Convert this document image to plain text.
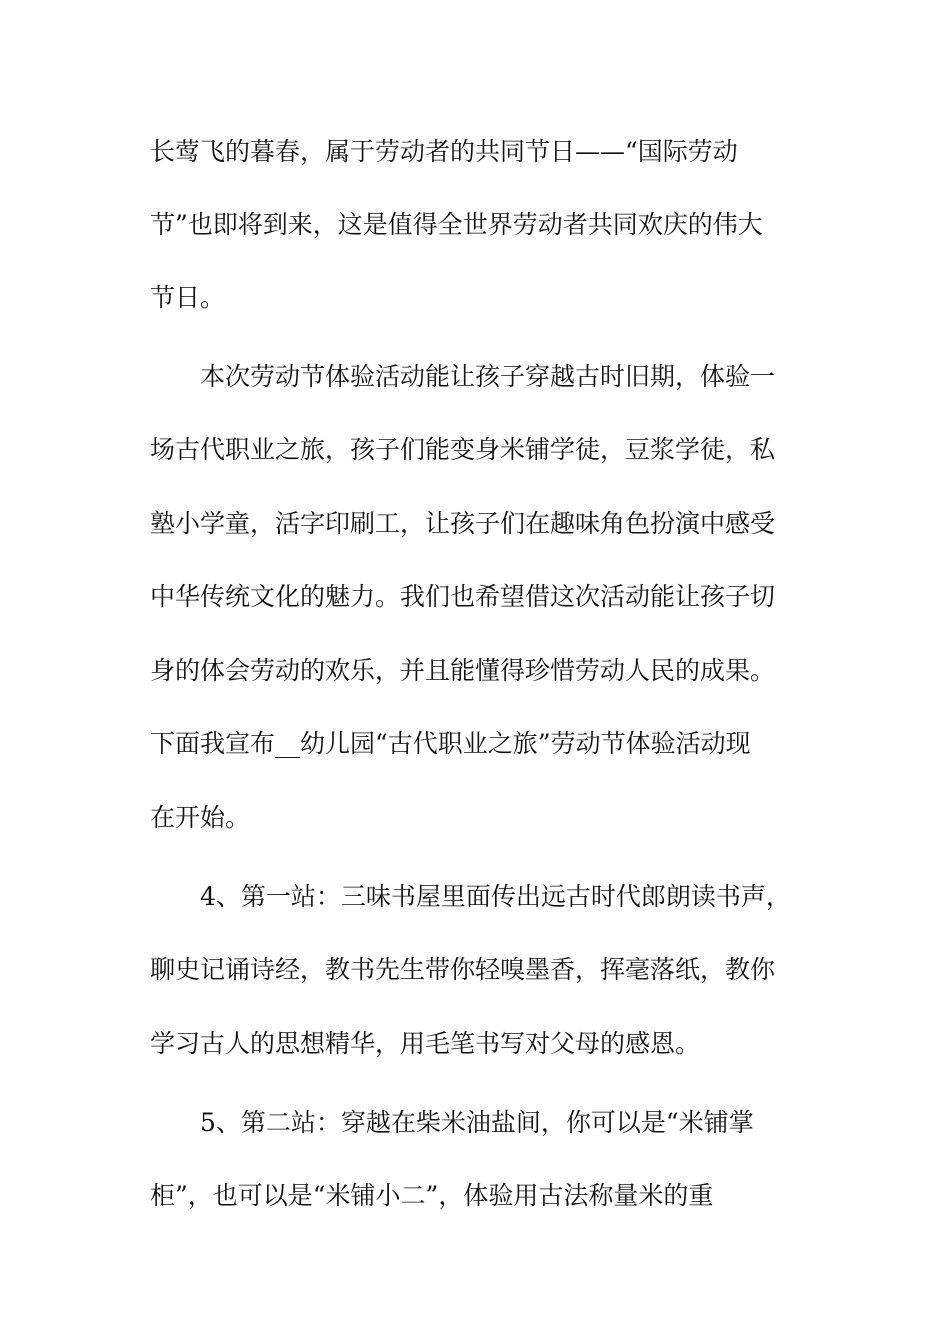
长莺飞的暮春，属于劳动者的共同节日——“国际劳动
节”也即将到来，这是值得全世界劳动者共同欢庆的伟大
节日。
　　本次劳动节体验活动能让孩子穿越古时旧期，体验一
场古代职业之旅，孩子们能变身米铺学徒，豆浆学徒，私
塾小学童，活字印刷工，让孩子们在趣味角色扮演中感受
中华传统文化的魅力。我们也希望借这次活动能让孩子切
身的体会劳动的欢乐，并且能懂得珍惜劳动人民的成果。
下面我宣布__幼儿园“古代职业之旅”劳动节体验活动现
在开始。
　　4、第一站：三味书屋里面传出远古时代郎朗读书声，
聊史记诵诗经，教书先生带你轻嗅墨香，挥毫落纸，教你
学习古人的思想精华，用毛笔书写对父母的感恩。
　　5、第二站：穿越在柴米油盐间，你可以是“米铺掌
柜”，也可以是“米铺小二”，体验用古法称量米的重
